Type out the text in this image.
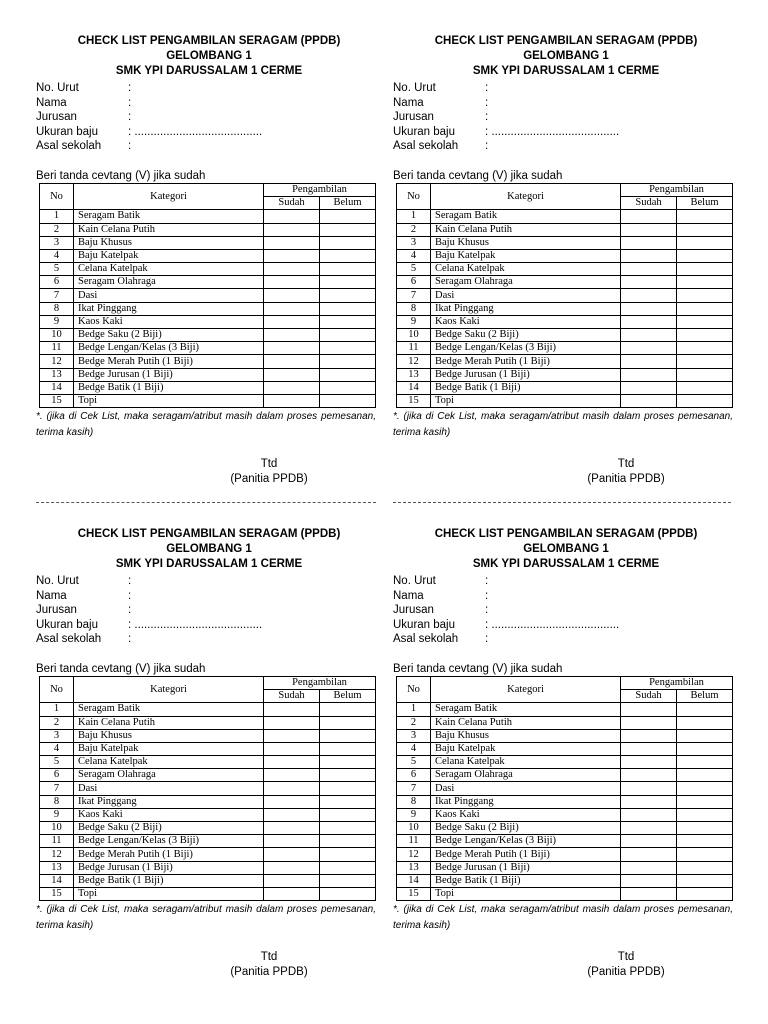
CHECK LIST PENGAMBILAN SERAGAM (PPDB)
GELOMBANG 1
SMK YPI DARUSSALAM 1 CERME
No. Urut	:
Nama	:
Jurusan	:
Ukuran baju	: ........................................
Asal sekolah	:
Beri tanda cevtang (V) jika sudah
No	Kategori	Pengambilan	
		Sudah	Belum
1	Seragam Batik		
2	Kain Celana Putih		
3	Baju Khusus		
4	Baju Katelpak		
5	Celana Katelpak		
6	Seragam Olahraga		
7	Dasi		
8	Ikat Pinggang		
9	Kaos Kaki		
10	Bedge Saku (2 Biji)		
11	Bedge Lengan/Kelas (3 Biji)		
12	Bedge Merah Putih (1 Biji)		
13	Bedge Jurusan (1 Biji)		
14	Bedge Batik (1 Biji)		
15	Topi		
*. (jika di Cek List, maka seragam/atribut masih dalam proses pemesanan, terima kasih)
Ttd
(Panitia PPDB)
CHECK LIST PENGAMBILAN SERAGAM (PPDB)
GELOMBANG 1
SMK YPI DARUSSALAM 1 CERME
No. Urut	:
Nama	:
Jurusan	:
Ukuran baju	: ........................................
Asal sekolah	:
Beri tanda cevtang (V) jika sudah
No	Kategori	Pengambilan	
		Sudah	Belum
1	Seragam Batik		
2	Kain Celana Putih		
3	Baju Khusus		
4	Baju Katelpak		
5	Celana Katelpak		
6	Seragam Olahraga		
7	Dasi		
8	Ikat Pinggang		
9	Kaos Kaki		
10	Bedge Saku (2 Biji)		
11	Bedge Lengan/Kelas (3 Biji)		
12	Bedge Merah Putih (1 Biji)		
13	Bedge Jurusan (1 Biji)		
14	Bedge Batik (1 Biji)		
15	Topi		
*. (jika di Cek List, maka seragam/atribut masih dalam proses pemesanan, terima kasih)
Ttd
(Panitia PPDB)
CHECK LIST PENGAMBILAN SERAGAM (PPDB)
GELOMBANG 1
SMK YPI DARUSSALAM 1 CERME
No. Urut	:
Nama	:
Jurusan	:
Ukuran baju	: ........................................
Asal sekolah	:
Beri tanda cevtang (V) jika sudah
No	Kategori	Pengambilan	
		Sudah	Belum
1	Seragam Batik		
2	Kain Celana Putih		
3	Baju Khusus		
4	Baju Katelpak		
5	Celana Katelpak		
6	Seragam Olahraga		
7	Dasi		
8	Ikat Pinggang		
9	Kaos Kaki		
10	Bedge Saku (2 Biji)		
11	Bedge Lengan/Kelas (3 Biji)		
12	Bedge Merah Putih (1 Biji)		
13	Bedge Jurusan (1 Biji)		
14	Bedge Batik (1 Biji)		
15	Topi		
*. (jika di Cek List, maka seragam/atribut masih dalam proses pemesanan, terima kasih)
Ttd
(Panitia PPDB)
CHECK LIST PENGAMBILAN SERAGAM (PPDB)
GELOMBANG 1
SMK YPI DARUSSALAM 1 CERME
No. Urut	:
Nama	:
Jurusan	:
Ukuran baju	: ........................................
Asal sekolah	:
Beri tanda cevtang (V) jika sudah
No	Kategori	Pengambilan	
		Sudah	Belum
1	Seragam Batik		
2	Kain Celana Putih		
3	Baju Khusus		
4	Baju Katelpak		
5	Celana Katelpak		
6	Seragam Olahraga		
7	Dasi		
8	Ikat Pinggang		
9	Kaos Kaki		
10	Bedge Saku (2 Biji)		
11	Bedge Lengan/Kelas (3 Biji)		
12	Bedge Merah Putih (1 Biji)		
13	Bedge Jurusan (1 Biji)		
14	Bedge Batik (1 Biji)		
15	Topi		
*. (jika di Cek List, maka seragam/atribut masih dalam proses pemesanan, terima kasih)
Ttd
(Panitia PPDB)
